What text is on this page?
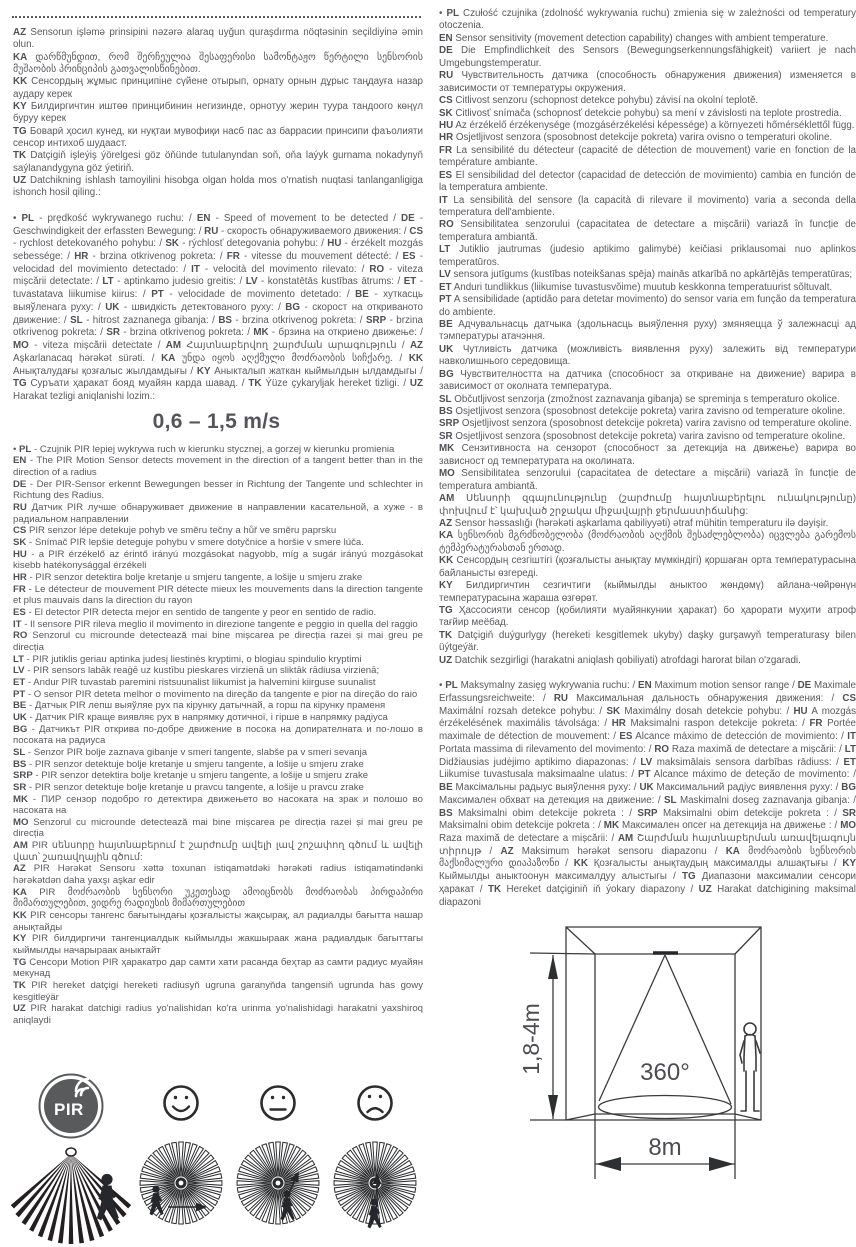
AZ Sensorun işləmə prinsipini nəzərə alaraq uyğun quraşdırma nöqtəsinin seçildiyinə əmin olun.

KA დარწმუნდით, რომ შერჩეულია შესაფერისი სამონტაჟო წერტილი სენსორის მუშაობის პრინციპის გათვალისწინებით.

KK Сенсордың жұмыс принципіне сүйене отырып, орнату орнын дұрыс таңдауға назар аудару керек

KY Билдиргичтин иштөө принцибинин негизинде, орнотуу жерин туура тандоого көңүл буруу керек

TG Боварӣ ҳосил кунед, ки нуқтаи мувофиқи насб пас аз баррасии принсипи фаъолияти сенсор интихоб шудааст.

TK Datçigiň işleýiş ýörelgesi göz öňünde tutulanyndan soň, oňa laýyk gurnama nokadynyň saýlanandygyna göz ýetiriň.

UZ Datchikning ishlash tamoyilini hisobga olgan holda mos o'rnatish nuqtasi tanlanganligiga ishonch hosil qiling.:

• PL - prędkość wykrywanego ruchu: / EN - Speed of movement to be detected / DE - Geschwindigkeit der erfassten Bewegung: / RU - скорость обнаруживаемого движения: / CS - rychlost detekovaného pohybu: / SK - rýchlosť detegovania pohybu: / HU - érzékelt mozgás sebessége: / HR - brzina otkrivenog pokreta: / FR - vitesse du mouvement détecté: / ES - velocidad del movimiento detectado: / IT - velocità del movimento rilevato: / RO - viteza mișcării detectate: / LT - aptinkamo judesio greitis: / LV - konstatētās kustības ātrums: / ET - tuvastatava liikumise kiirus: / PT - velocidade de movimento detetado: / BE - хуткасць выяўленага руху: / UK - швидкість детектованого руху: / BG - скорост на откриваното движение: / SL - hitrost zaznanega gibanja: / BS - brzina otkrivenog pokreta: / SRP - brzina otkrivenog pokreta: / SR - brzina otkrivenog pokreta: / MK - брзина на откриено движење: / MO - viteza mișcării detectate / AM Հայտնաբերվող շարժման արագություն / AZ Aşkarlanacaq hərəkət sürəti. / KA უნდა იყოს აღქმული მოძრაობის სიჩქარე. / KK Анықталудағы қозғалыс жылдамдығы / KY Аныкталып жаткан кыймылдын ылдамдыгы / TG Суръати ҳаракат бояд муайян карда шавад. / TK Ýüze çykaryljak hereket tizligi. / UZ Harakat tezligi aniqlanishi lozim.:

0,6 – 1,5 m/s

• PL - Czujnik PIR lepiej wykrywa ruch w kierunku stycznej, a gorzej w kierunku promienia

EN - The PIR Motion Sensor detects movement in the direction of a tangent better than in the direction of a radius

DE - Der PIR-Sensor erkennt Bewegungen besser in Richtung der Tangente und schlechter in Richtung des Radius.

RU Датчик PIR лучше обнаруживает движение в направлении касательной, а хуже - в радиальном направлении

CS PIR senzor lépe detekuje pohyb ve směru tečny a hůř ve směru paprsku

SK - Snímač PIR lepšie deteguje pohybu v smere dotyčnice a horšie v smere lúča.

HU - a PIR érzékelő az érintő irányú mozgásokat nagyobb, míg a sugár irányú mozgásokat kisebb hatékonysággal érzékeli

HR - PIR senzor detektira bolje kretanje u smjeru tangente, a lošije u smjeru zrake

FR - Le détecteur de mouvement PIR détecte mieux les mouvements dans la direction tangente et plus mauvais dans la direction du rayon

ES - El detector PIR detecta mejor en sentido de tangente y peor en sentido de radio.

IT - Il sensore PIR rileva meglio il movimento in direzione tangente e peggio in quella del raggio

RO Senzorul cu microunde detectează mai bine mișcarea pe direcția razei și mai greu pe direcția

LT - PIR jutiklis geriau aptinka judesį liestinės kryptimi, o blogiau spindulio kryptimi

LV - PIR sensors labāk reaģē uz kustību pieskares virzienā un sliktāk rādiusa virzienā;

ET - Andur PIR tuvastab paremini ristsuunalist liikumist ja halvemini kiirguse suunalist

PT - O sensor PIR deteta melhor o movimento na direção da tangente e pior na direção do raio

BE - Датчык PIR лепш выяўляе рух па кірунку датычнай, а горш па кірунку праменя

UK - Датчик PIR краще виявляє рух в напрямку дотичної, і гірше в напрямку радіуса

BG - Датчикът PIR открива по-добре движение в посока на допирателната и по-лошо в посоката на радиуса

SL - Senzor PIR bolje zaznava gibanje v smeri tangente, slabše pa v smeri sevanja

BS - PIR senzor detektuje bolje kretanje u smjeru tangente, a lošije u smjeru zrake

SRP - PIR senzor detektira bolje kretanje u smjeru tangente, a lošije u smjeru zrake

SR - PIR senzor detektuje bolje kretanje u pravcu tangente, a lošije u pravcu zrake

MK - ПИР сензор подобро го детектира движењето во насоката на зрак и полошо во насоката на

MO Senzorul cu microunde detectează mai bine mișcarea pe direcția razei și mai greu pe direcția

AM PIR սենսորը հայտնաբերում է շարժումը ավելի լավ շոշափող գծում և ավելի վատ՝ շառավղային գծում:

AZ PIR Hərəkət Sensoru xəttə toxunan istiqamətdəki hərəkəti radius istiqamətindənki hərəkətdən daha yaxşı aşkar edir

KA PIR მოძრაობის სენსორი უკეთესად ამოიცნობს მოძრაობას პირდაპირი მიმართულებით, ვიდრე რადიუსის მიმართულებით

KK PIR сенсоры тангенс бағытындағы қозғалысты жақсырақ, ал радиалды бағытта нашар анықтайды

KY PIR билдиргичи тангенциалдык кыймылды жакшыраак жана радиалдык багыттагы кыймылды начарыраак аныктайт

TG Сенсори Motion PIR ҳаракатро дар самти хати расанда беҳтар аз самти радиус муайян мекунад

TK PIR hereket datçigi hereketi radiusyň ugruna garanyňda tangensiň ugrunda has gowy kesgitleýär

UZ PIR harakat datchigi radius yo'nalishidan ko'ra urinma yo'nalishidagi harakatni yaxshiroq aniqlaydi

PIR

• PL Czułość czujnika (zdolność wykrywania ruchu) zmienia się w zależności od temperatury otoczenia.

EN Sensor sensitivity (movement detection capability) changes with ambient temperature.

DE Die Empfindlichkeit des Sensors (Bewegungserkennungsfähigkeit) variiert je nach Umgebungstemperatur.

RU Чувствительность датчика (способность обнаружения движения) изменяется в зависимости от температуры окружения.

CS Citlivost senzoru (schopnost detekce pohybu) závisí na okolní teplotě.

SK Citlivosť snímača (schopnosť detekcie pohybu) sa mení v závislosti na teplote prostredia.

HU Az érzékelő érzékenysége (mozgásérzékelési képessége) a környezeti hőmérséklettől függ.

HR Osjetljivost senzora (sposobnost detekcije pokreta) varira ovisno o temperaturi okoline.

FR La sensibilité du détecteur (capacité de détection de mouvement) varie en fonction de la température ambiante.

ES El sensibilidad del detector (capacidad de detección de movimiento) cambia en función de la temperatura ambiente.

IT La sensibilità del sensore (la capacità di rilevare il movimento) varia a seconda della temperatura dell'ambiente.

RO Sensibilitatea senzorului (capacitatea de detectare a mișcării) variază în funcție de temperatura ambiantă.

LT Jutiklio jautrumas (judesio aptikimo galimybė) keičiasi priklausomai nuo aplinkos temperatūros.

LV sensora jutīgums (kustības noteikšanas spēja) mainās atkarībā no apkārtējās temperatūras;

ET Anduri tundlikkus (liikumise tuvastusvõime) muutub keskkonna temperatuurist sõltuvalt.

PT A sensibilidade (aptidão para detetar movimento) do sensor varia em função da temperatura do ambiente.

BE Адчувальнасць датчыка (здольнасць выяўлення руху) змяняецца ў залежнасці ад тэмпературы атачэння.

UK Чутливість датчика (можливість виявлення руху) залежить від температури навколишнього середовища.

BG Чувствителността на датчика (способност за откриване на движение) варира в зависимост от околната температура.

SL Občutljivost senzorja (zmožnost zaznavanja gibanja) se spreminja s temperaturo okolice.

BS Osjetljivost senzora (sposobnost detekcije pokreta) varira zavisno od temperature okoline.

SRP Osjetljivost senzora (sposobnost detekcije pokreta) varira zavisno od temperature okoline.

SR Osjetljivost senzora (sposobnost detekcije pokreta) varira zavisno od temperature okoline.

MK Сензитивноста на сензорот (способност за детекција на движење) варира во зависност од температурата на околината.

MO Sensibilitatea senzorului (capacitatea de detectare a mișcării) variază în funcție de temperatura ambiantă.

AM Սենսորի զգայունությունը (շարժումը հայտնաբերելու ունակությունը) փոխվում է՝ կախված շրջակա միջավայրի ջերմաստիճանից:

AZ Sensor həssaslığı (hərəkəti aşkarlama qabiliyyəti) ətraf mühitin temperaturu ilə dəyişir.

KA სენსორის მგრძნობელობა (მოძრაობის აღქმის შესაძლებლობა) იცვლება გარემოს ტემპერატურასთან ერთად.

KK Сенсордың сезгіштігі (қозғалысты анықтау мүмкіндігі) қоршаған орта температурасына байланысты өзгереді.

KY Билдиргичтин сезгичтиги (кыймылды аныктоо жөндөмү) айлана-чөйрөнүн температурасына жараша өзгөрөт.

TG Ҳассосияти сенсор (қобилияти муайянкунии ҳаракат) бо ҳарорати муҳити атроф тағйир меёбад.

TK Datçigiň duýgurlygy (hereketi kesgitlemek ukyby) daşky gurşawyň temperaturasy bilen üýtgeýär.

UZ Datchik sezgirligi (harakatni aniqlash qobiliyati) atrofdagi harorat bilan o'zgaradi.

• PL Maksymalny zasięg wykrywania ruchu: / EN Maximum motion sensor range / DE Maximale Erfassungsreichweite: / RU Максимальная дальность обнаружения движения: / CS Maximální rozsah detekce pohybu: / SK Maximálny dosah detekcie pohybu: / HU A mozgás érzékelésének maximális távolsága: / HR Maksimalni raspon detekcije pokreta: / FR Portée maximale de détection de mouvement: / ES Alcance máximo de detección de movimiento: / IT Portata massima di rilevamento del movimento: / RO Raza maximă de detectare a mișcării: / LT Didžiausias judėjimo aptikimo diapazonas: / LV maksimālais sensora darbības rādiuss: / ET Liikumise tuvastusala maksimaalne ulatus: / PT Alcance máximo de deteção de movimento: / BE Максімальны радыус выяўлення руху: / UK Максимальний радіус виявлення руху: / BG Максимален обхват на детекция на движение: / SL Maskimalni doseg zaznavanja gibanja: / BS Maksimalni obim detekcije pokreta : / SRP Maksimalni obim detekcije pokreta : / SR Maksimalni obim detekcije pokreta : / MK Максимален опсег на детекција на движење : / MO Raza maximă de detectare a mișcării: / AM Շարժման հայտնաբերման առավելագույն տիրույթ / AZ Maksimum hərəkət sensoru diapazonu / KA მოძრაობის სენსორის მაქსიმალური დიაპაზონი / KK Қозғалысты анықтаудың максималды алшақтығы / KY Кыймылды аныктоонун максималдуу алыстыгы / TG Диапазони максималии сенсори ҳаракат / TK Hereket datçiginiň iň ýokary diapazony / UZ Harakat datchigining maksimal diapazoni

1,8-4m	360°
8m
